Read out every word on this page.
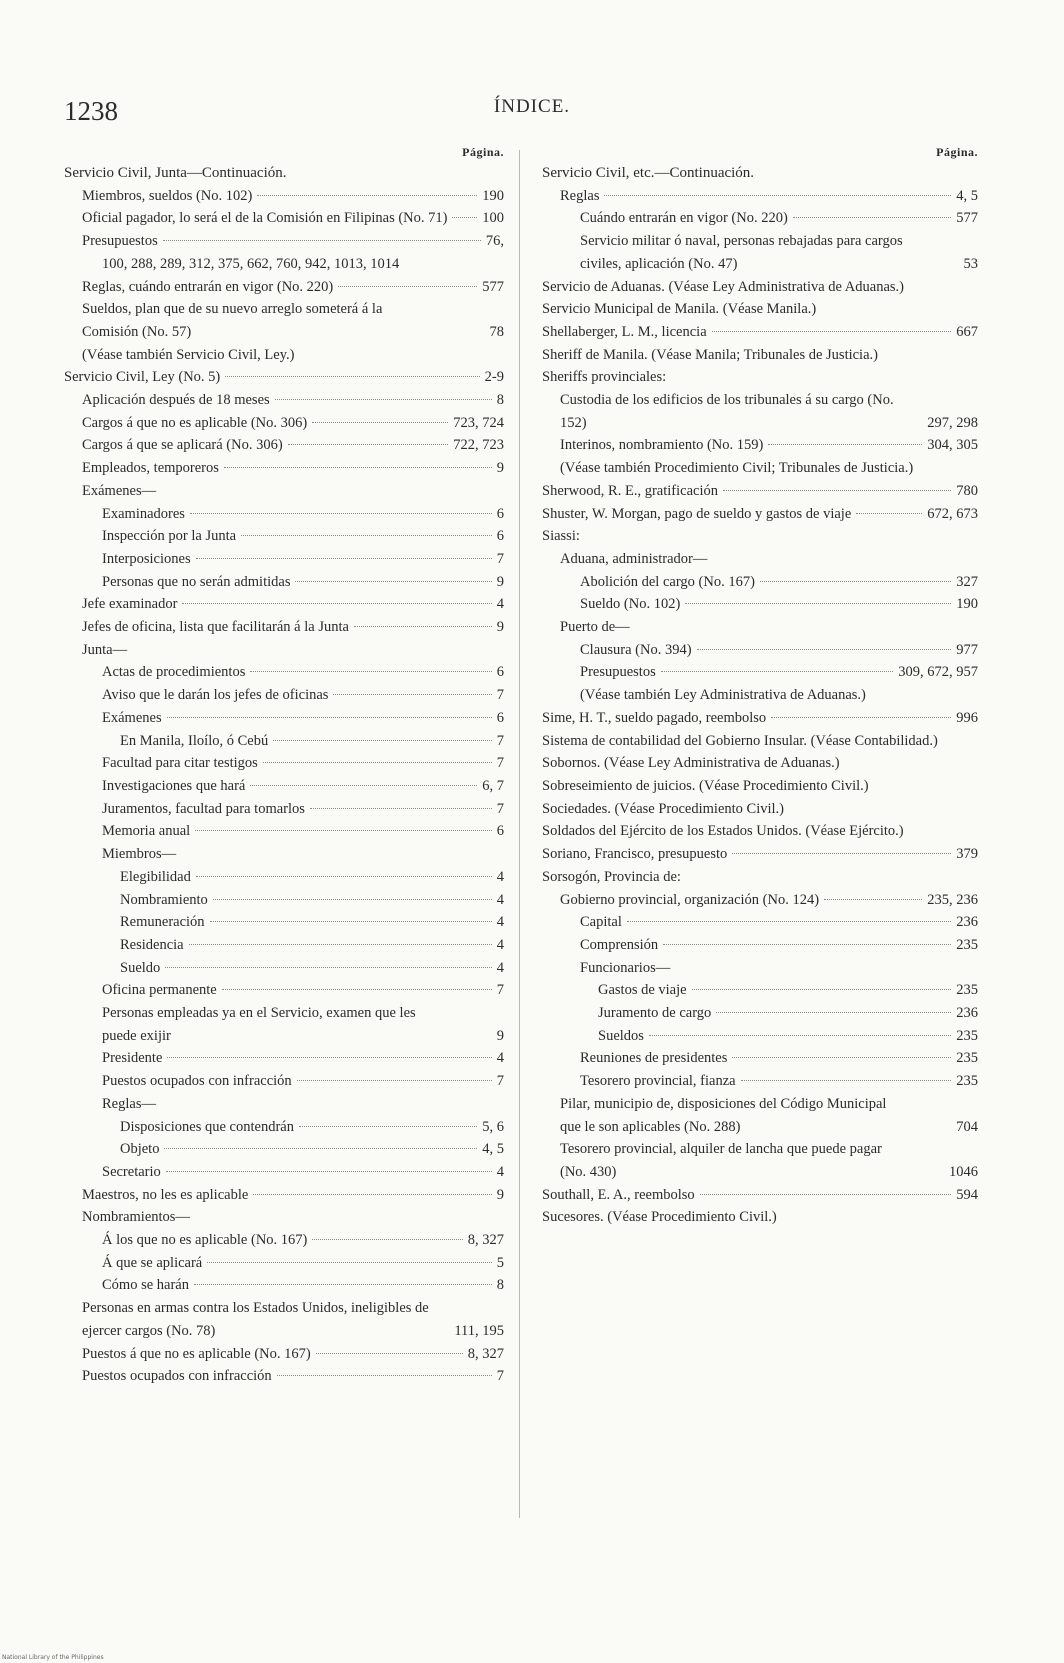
1238	ÍNDICE.
Página.
Servicio Civil, Junta—Continuación.
Miembros, sueldos (No. 102)	190
Oficial pagador, lo será el de la Comisión en Filipinas (No. 71) 100
Presupuestos	76,
100, 288, 289, 312, 375, 662, 760, 942, 1013, 1014
Reglas, cuándo entrarán en vigor (No. 220)	577
Sueldos, plan que de su nuevo arreglo someterá á la Comisión (No. 57)	78
(Véase también Servicio Civil, Ley.)
Servicio Civil, Ley (No. 5)	2-9
Aplicación después de 18 meses	8
Cargos á que no es aplicable (No. 306)	723, 724
Cargos á que se aplicará (No. 306)	722, 723
Empleados, temporeros	9
Exámenes—
Examinadores	6
Inspección por la Junta	6
Interposiciones	7
Personas que no serán admitidas	9
Jefe examinador	4
Jefes de oficina, lista que facilitarán á la Junta	9
Junta—
Actas de procedimientos	6
Aviso que le darán los jefes de oficinas	7
Exámenes	6
En Manila, Iloílo, ó Cebú	7
Facultad para citar testigos	7
Investigaciones que hará	6, 7
Juramentos, facultad para tomarlos	7
Memoria anual	6
Miembros—
Elegibilidad	4
Nombramiento	4
Remuneración	4
Residencia	4
Sueldo	4
Oficina permanente	7
Personas empleadas ya en el Servicio, examen que les puede exijir	9
Presidente	4
Puestos ocupados con infracción	7
Reglas—
Disposiciones que contendrán	5, 6
Objeto	4, 5
Secretario	4
Maestros, no les es aplicable	9
Nombramientos—
Á los que no es aplicable (No. 167)	8, 327
Á que se aplicará	5
Cómo se harán	8
Personas en armas contra los Estados Unidos, ineligibles de ejercer cargos (No. 78)	111, 195
Puestos á que no es aplicable (No. 167)	8, 327
Puestos ocupados con infracción	7
Página.
Servicio Civil, etc.—Continuación.
Reglas	4, 5
Cuándo entrarán en vigor (No. 220)	577
Servicio militar ó naval, personas rebajadas para cargos civiles, aplicación (No. 47)	53
Servicio de Aduanas. (Véase Ley Administrativa de Aduanas.)
Servicio Municipal de Manila. (Véase Manila.)
Shellaberger, L. M., licencia	667
Sheriff de Manila. (Véase Manila; Tribunales de Justicia.)
Sheriffs provinciales:
Custodia de los edificios de los tribunales á su cargo (No. 152)	297, 298
Interinos, nombramiento (No. 159)	304, 305
(Véase también Procedimiento Civil; Tribunales de Justicia.)
Sherwood, R. E., gratificación	780
Shuster, W. Morgan, pago de sueldo y gastos de viaje	672, 673
Siassi:
Aduana, administrador—
Abolición del cargo (No. 167)	327
Sueldo (No. 102)	190
Puerto de—
Clausura (No. 394)	977
Presupuestos	309, 672, 957
(Véase también Ley Administrativa de Aduanas.)
Sime, H. T., sueldo pagado, reembolso	996
Sistema de contabilidad del Gobierno Insular. (Véase Contabilidad.)
Sobornos. (Véase Ley Administrativa de Aduanas.)
Sobreseimiento de juicios. (Véase Procedimiento Civil.)
Sociedades. (Véase Procedimiento Civil.)
Soldados del Ejército de los Estados Unidos. (Véase Ejército.)
Soriano, Francisco, presupuesto	379
Sorsogón, Provincia de:
Gobierno provincial, organización (No. 124)	235, 236
Capital	236
Comprensión	235
Funcionarios—
Gastos de viaje	235
Juramento de cargo	236
Sueldos	235
Reuniones de presidentes	235
Tesorero provincial, fianza	235
Pilar, municipio de, disposiciones del Código Municipal que le son aplicables (No. 288)	704
Tesorero provincial, alquiler de lancha que puede pagar (No. 430)	1046
Southall, E. A., reembolso	594
Sucesores. (Véase Procedimiento Civil.)
National Library of the Philippines
